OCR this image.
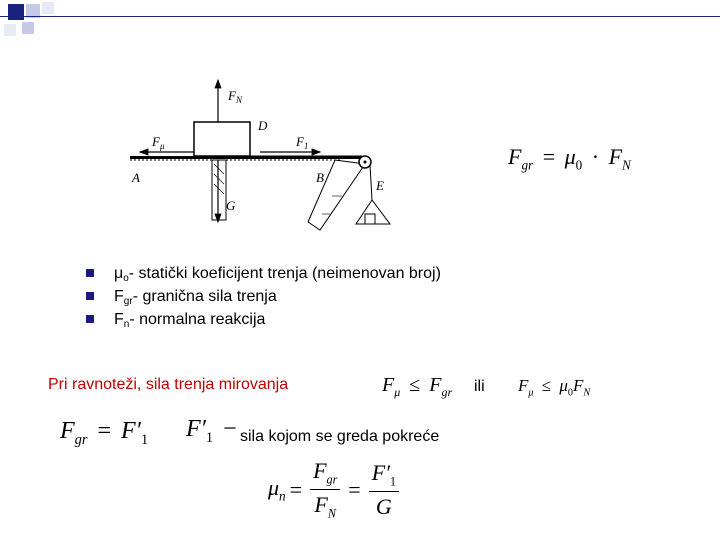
$F_N$
$F_\mu$	$F_1$
G
A	B
D
E
$F_{gr} = \mu_0 \cdot F_N$
$\mu_o-$ statički koeficijent trenja (neimenovan broj)
$F_{gr}-$ granična sila trenja
$F_n-$ normalna reakcija
Pri ravnoteži, sila trenja mirovanja	$F_\mu \le F_{gr}$ ili $F_\mu \le \mu_0F_N$
$F_{gr} = F'_1$ $F'_1$ − sila kojom se greda pokreće
$\mu_n = \frac{F_{gr}}{F_N} = \frac{F'_1}{G}$
